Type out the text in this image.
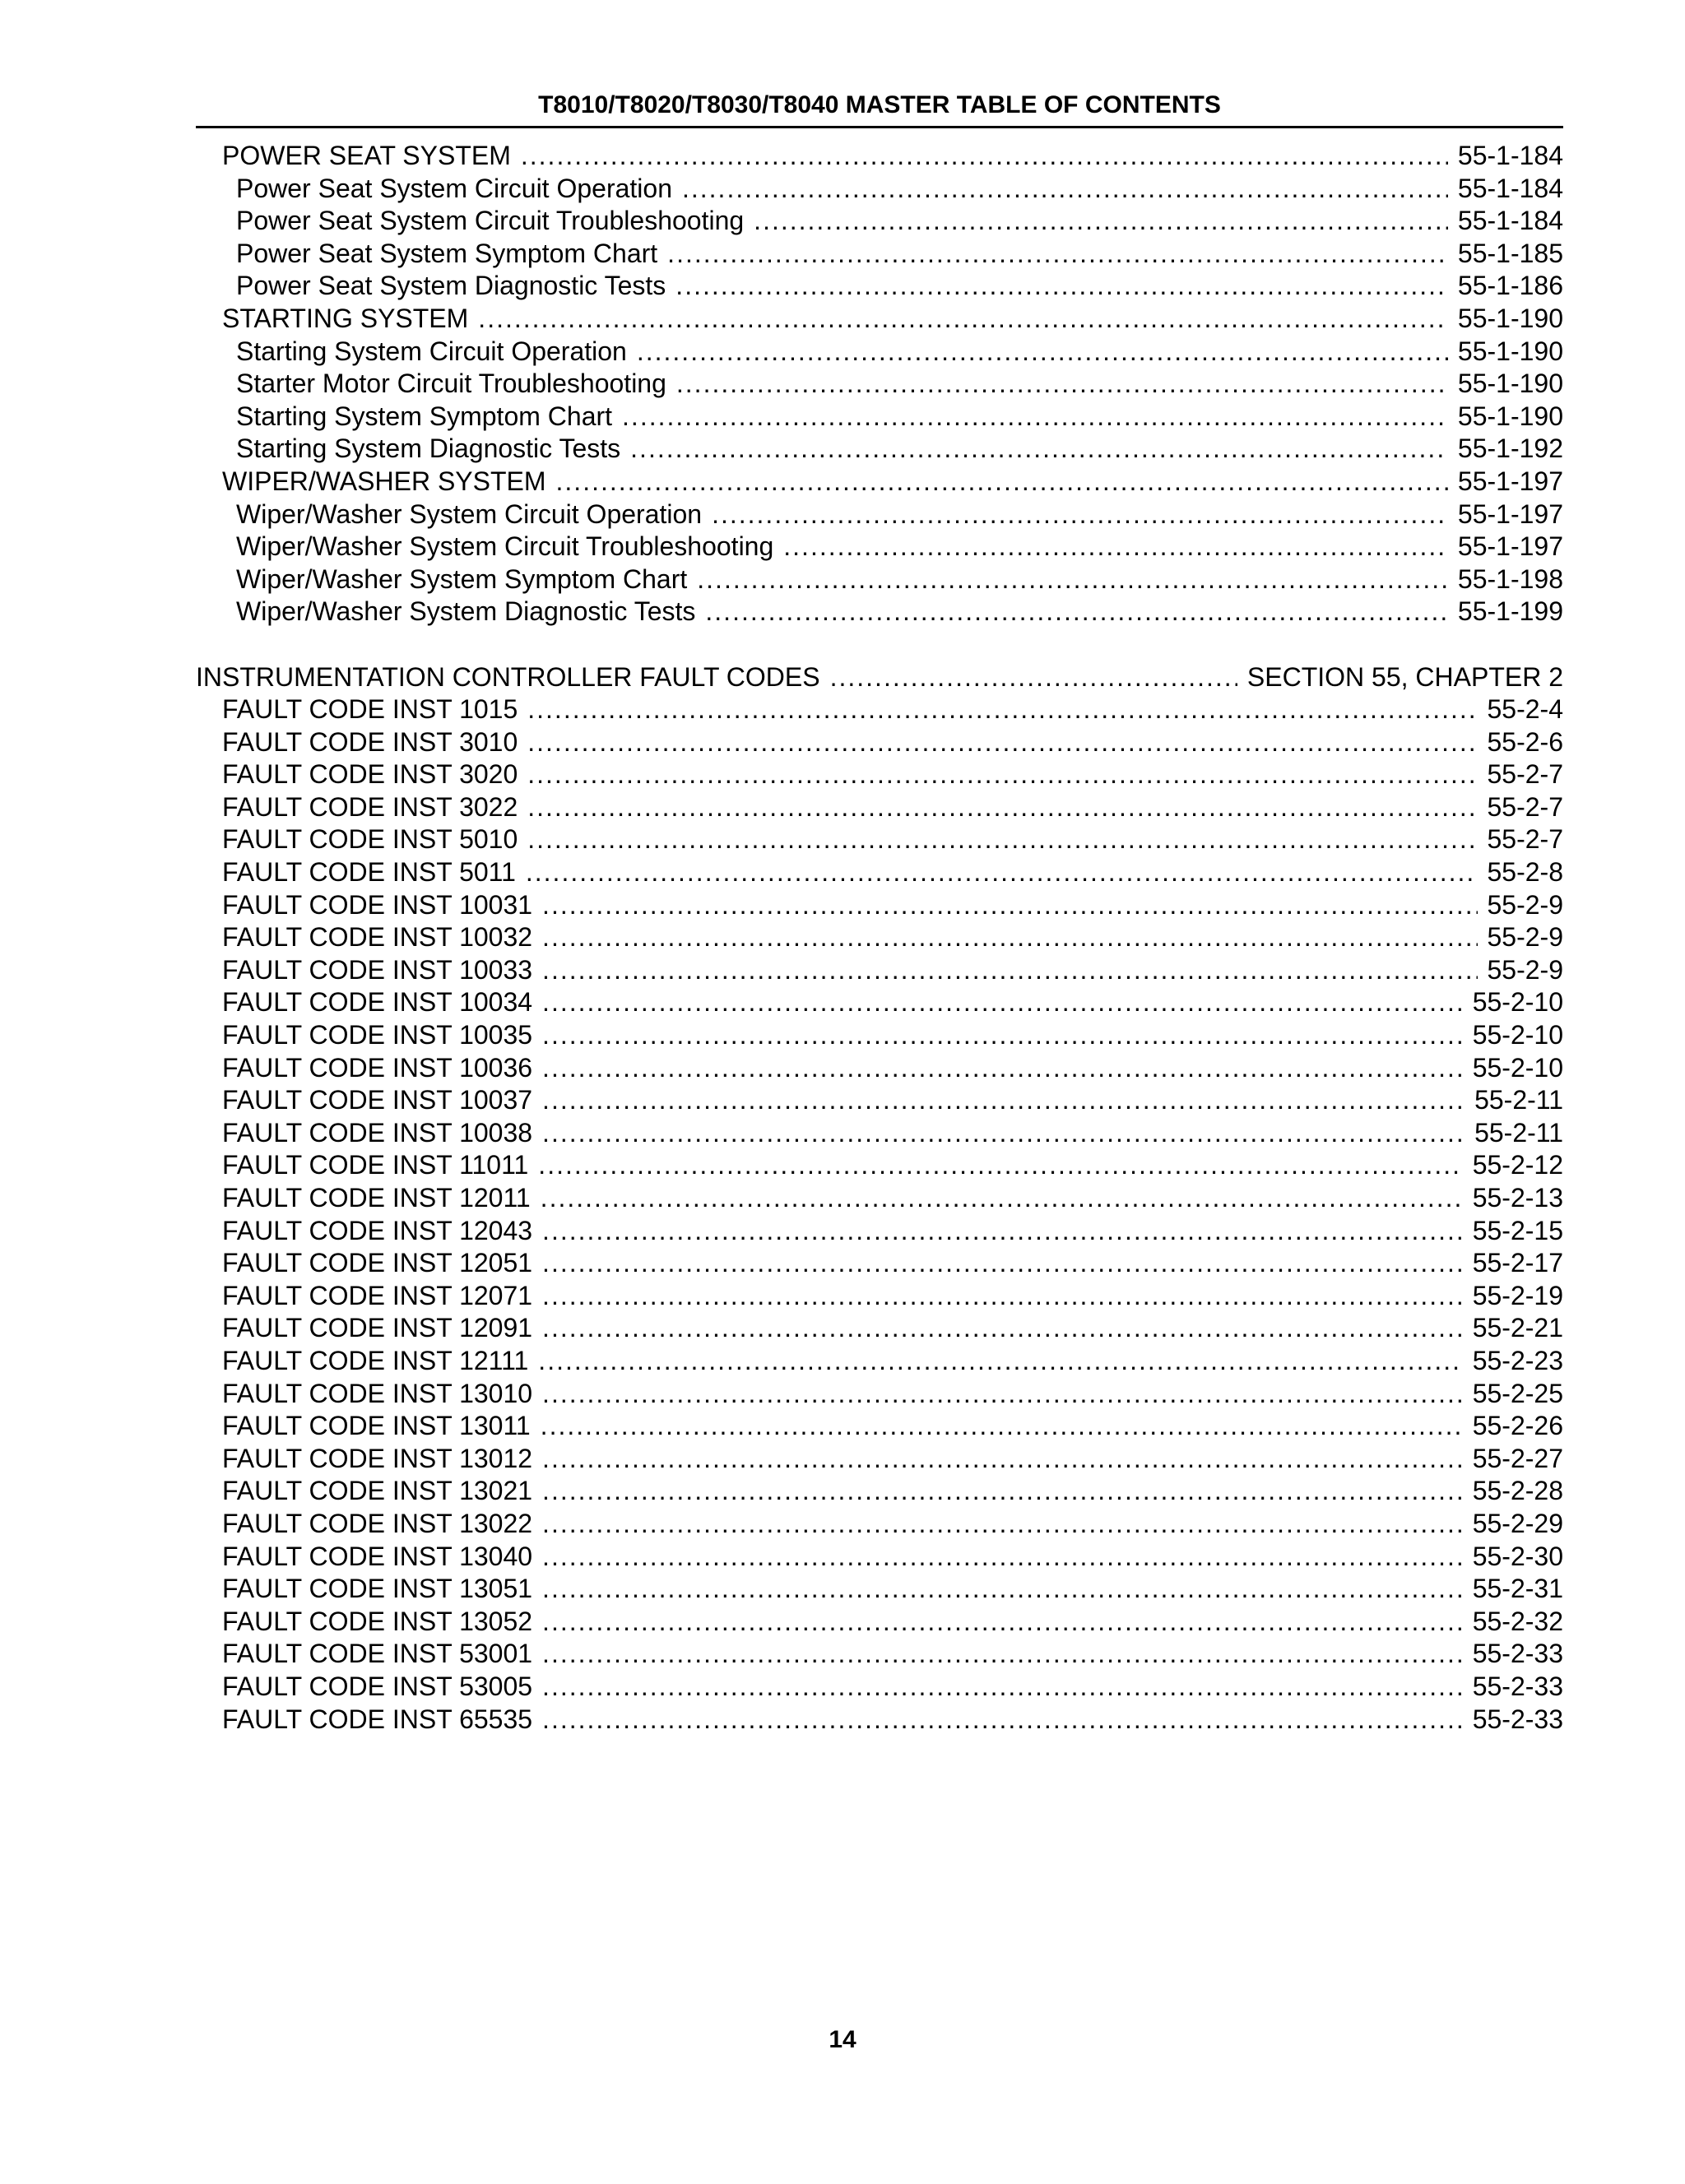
T8010/T8020/T8030/T8040 MASTER TABLE OF CONTENTS
POWER SEAT SYSTEM .....	55-1-184
Power Seat System Circuit Operation .....	55-1-184
Power Seat System Circuit Troubleshooting .....	55-1-184
Power Seat System Symptom Chart .....	55-1-185
Power Seat System Diagnostic Tests .....	55-1-186
STARTING SYSTEM .....	55-1-190
Starting System Circuit Operation .....	55-1-190
Starter Motor Circuit Troubleshooting .....	55-1-190
Starting System Symptom Chart .....	55-1-190
Starting System Diagnostic Tests .....	55-1-192
WIPER/WASHER SYSTEM .....	55-1-197
Wiper/Washer System Circuit Operation .....	55-1-197
Wiper/Washer System Circuit Troubleshooting .....	55-1-197
Wiper/Washer System Symptom Chart .....	55-1-198
Wiper/Washer System Diagnostic Tests .....	55-1-199
INSTRUMENTATION CONTROLLER FAULT CODES .....	SECTION 55, CHAPTER 2
FAULT CODE INST 1015 .....	55-2-4
FAULT CODE INST 3010 .....	55-2-6
FAULT CODE INST 3020 .....	55-2-7
FAULT CODE INST 3022 .....	55-2-7
FAULT CODE INST 5010 .....	55-2-7
FAULT CODE INST 5011 .....	55-2-8
FAULT CODE INST 10031 .....	55-2-9
FAULT CODE INST 10032 .....	55-2-9
FAULT CODE INST 10033 .....	55-2-9
FAULT CODE INST 10034 .....	55-2-10
FAULT CODE INST 10035 .....	55-2-10
FAULT CODE INST 10036 .....	55-2-10
FAULT CODE INST 10037 .....	55-2-11
FAULT CODE INST 10038 .....	55-2-11
FAULT CODE INST 11011 .....	55-2-12
FAULT CODE INST 12011 .....	55-2-13
FAULT CODE INST 12043 .....	55-2-15
FAULT CODE INST 12051 .....	55-2-17
FAULT CODE INST 12071 .....	55-2-19
FAULT CODE INST 12091 .....	55-2-21
FAULT CODE INST 12111 .....	55-2-23
FAULT CODE INST 13010 .....	55-2-25
FAULT CODE INST 13011 .....	55-2-26
FAULT CODE INST 13012 .....	55-2-27
FAULT CODE INST 13021 .....	55-2-28
FAULT CODE INST 13022 .....	55-2-29
FAULT CODE INST 13040 .....	55-2-30
FAULT CODE INST 13051 .....	55-2-31
FAULT CODE INST 13052 .....	55-2-32
FAULT CODE INST 53001 .....	55-2-33
FAULT CODE INST 53005 .....	55-2-33
FAULT CODE INST 65535 .....	55-2-33
14
